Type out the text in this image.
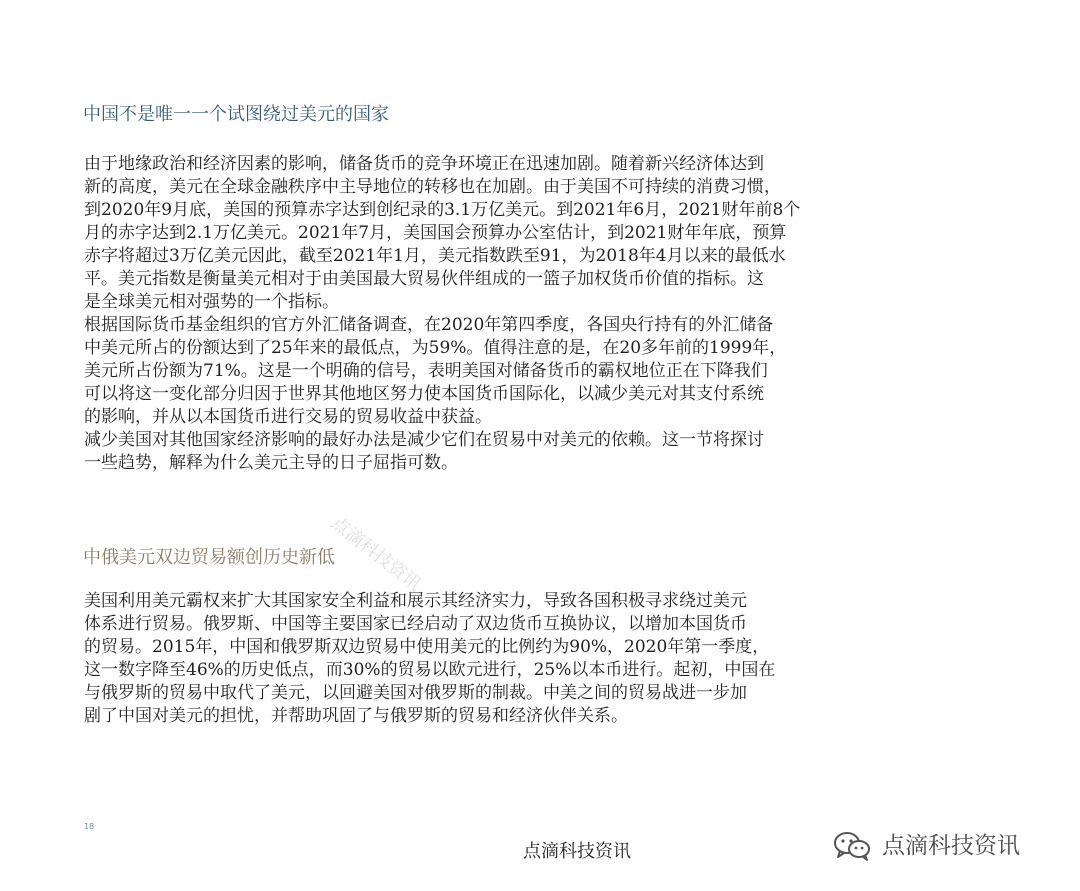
中国不是唯一一个试图绕过美元的国家
由于地缘政治和经济因素的影响，储备货币的竞争环境正在迅速加剧。随着新兴经济体达到
新的高度，美元在全球金融秩序中主导地位的转移也在加剧。由于美国不可持续的消费习惯，
到2020年9月底，美国的预算赤字达到创纪录的3.1万亿美元。到2021年6月，2021财年前8个
月的赤字达到2.1万亿美元。2021年7月，美国国会预算办公室估计，到2021财年年底，预算
赤字将超过3万亿美元因此，截至2021年1月，美元指数跌至91，为2018年4月以来的最低水
平。美元指数是衡量美元相对于由美国最大贸易伙伴组成的一篮子加权货币价值的指标。这
是全球美元相对强势的一个指标。
根据国际货币基金组织的官方外汇储备调查，在2020年第四季度，各国央行持有的外汇储备
中美元所占的份额达到了25年来的最低点，为59%。值得注意的是，在20多年前的1999年，
美元所占份额为71%。这是一个明确的信号，表明美国对储备货币的霸权地位正在下降我们
可以将这一变化部分归因于世界其他地区努力使本国货币国际化，以减少美元对其支付系统
的影响，并从以本国货币进行交易的贸易收益中获益。
减少美国对其他国家经济影响的最好办法是减少它们在贸易中对美元的依赖。这一节将探讨
一些趋势，解释为什么美元主导的日子屈指可数。
中俄美元双边贸易额创历史新低
美国利用美元霸权来扩大其国家安全利益和展示其经济实力，导致各国积极寻求绕过美元
体系进行贸易。俄罗斯、中国等主要国家已经启动了双边货币互换协议，以增加本国货币
的贸易。2015年，中国和俄罗斯双边贸易中使用美元的比例约为90%，2020年第一季度，
这一数字降至46%的历史低点，而30%的贸易以欧元进行，25%以本币进行。起初，中国在
与俄罗斯的贸易中取代了美元，以回避美国对俄罗斯的制裁。中美之间的贸易战进一步加
剧了中国对美元的担忧，并帮助巩固了与俄罗斯的贸易和经济伙伴关系。
点滴科技资讯
18
点滴科技资讯	点滴科技资讯
